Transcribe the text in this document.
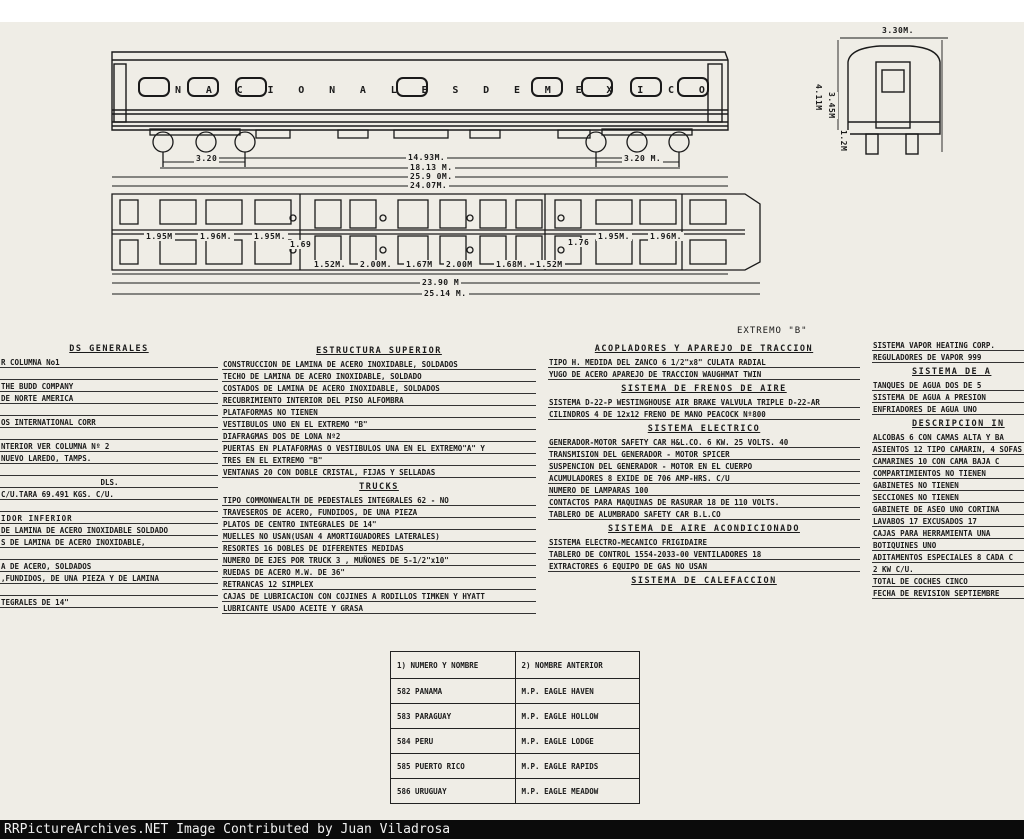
N A C I O N A L E S D E M E X I C O
3.20	3.20 M.
14.93M.
18.13 M.
25.9 0M.
24.07M.
1.95M	1.96M.	1.95M.
1.69
1.52M. 2.00M. 1.67M 2.00M	1.68M. 1.52M
1.76
1.95M.	1.96M.
23.90 M
25.14 M.
3.30M.
4.11M 3.45M
1.2M
EXTREMO "B"
DS GENERALES
R COLUMNA No1
THE BUDD COMPANY
DE NORTE AMERICA
OS INTERNATIONAL CORR
NTERIOR VER COLUMNA Nº 2
NUEVO LAREDO, TAMPS.
DLS.
C/U.TARA 69.491 KGS. C/U.
IDOR INFERIOR
DE LAMINA DE ACERO INOXIDABLE SOLDADO
S DE LAMINA DE ACERO INOXIDABLE,
A DE ACERO, SOLDADOS
,FUNDIDOS, DE UNA PIEZA Y DE LAMINA
TEGRALES DE 14"
ESTRUCTURA SUPERIOR
CONSTRUCCION DE LAMINA DE ACERO INOXIDABLE, SOLDADOS
TECHO DE LAMINA DE ACERO INOXIDABLE, SOLDADO
COSTADOS DE LAMINA DE ACERO INOXIDABLE, SOLDADOS
RECUBRIMIENTO INTERIOR DEL PISO ALFOMBRA
PLATAFORMAS NO TIENEN
VESTIBULOS UNO EN EL EXTREMO "B"
DIAFRAGMAS DOS DE LONA Nº2
PUERTAS EN PLATAFORMAS O VESTIBULOS UNA EN EL EXTREMO"A" Y
TRES EN EL EXTREMO "B"
VENTANAS 20 CON DOBLE CRISTAL, FIJAS Y SELLADAS
TRUCKS
TIPO COMMONWEALTH DE PEDESTALES INTEGRALES 62 - NO
TRAVESEROS DE ACERO, FUNDIDOS, DE UNA PIEZA
PLATOS DE CENTRO INTEGRALES DE 14"
MUELLES NO USAN(USAN 4 AMORTIGUADORES LATERALES)
RESORTES 16 DOBLES DE DIFERENTES MEDIDAS
NUMERO DE EJES POR TRUCK 3 , MUÑONES DE 5-1/2"x10"
RUEDAS DE ACERO M.W. DE 36"
RETRANCAS 12 SIMPLEX
CAJAS DE LUBRICACION CON COJINES A RODILLOS TIMKEN Y HYATT
LUBRICANTE USADO ACEITE Y GRASA
ACOPLADORES Y APAREJO DE TRACCION
TIPO H. MEDIDA DEL ZANCO 6 1/2"x8" CULATA RADIAL
YUGO DE ACERO APAREJO DE TRACCION WAUGHMAT TWIN
SISTEMA DE FRENOS DE AIRE
SISTEMA D-22-P WESTINGHOUSE AIR BRAKE VALVULA TRIPLE D-22-AR
CILINDROS 4 DE 12x12 FRENO DE MANO PEACOCK Nº800
SISTEMA ELECTRICO
GENERADOR-MOTOR SAFETY CAR H&L.CO. 6 KW. 25 VOLTS. 40
TRANSMISION DEL GENERADOR - MOTOR SPICER
SUSPENCION DEL GENERADOR - MOTOR EN EL CUERPO
ACUMULADORES 8 EXIDE DE 706 AMP-HRS. C/U
NUMERO DE LAMPARAS 100
CONTACTOS PARA MAQUINAS DE RASURAR 18 DE 110 VOLTS.
TABLERO DE ALUMBRADO SAFETY CAR B.L.CO
SISTEMA DE AIRE ACONDICIONADO
SISTEMA ELECTRO-MECANICO FRIGIDAIRE
TABLERO DE CONTROL 1554-2033-00 VENTILADORES 18
EXTRACTORES 6 EQUIPO DE GAS NO USAN
SISTEMA DE CALEFACCION
SISTEMA VAPOR HEATING CORP.
REGULADORES DE VAPOR 999
SISTEMA DE A
TANQUES DE AGUA DOS DE 5
SISTEMA DE AGUA A PRESION
ENFRIADORES DE AGUA UNO
DESCRIPCION IN
ALCOBAS 6 CON CAMAS ALTA Y BA
ASIENTOS 12 TIPO CAMARIN, 4 SOFAS
CAMARINES 10 CON CAMA BAJA C
COMPARTIMIENTOS NO TIENEN
GABINETES NO TIENEN
SECCIONES NO TIENEN
GABINETE DE ASEO UNO CORTINA
LAVABOS 17 EXCUSADOS 17
CAJAS PARA HERRAMIENTA UNA
BOTIQUINES UNO
ADITAMENTOS ESPECIALES 8 CADA C
2 KW C/U.
TOTAL DE COCHES CINCO
FECHA DE REVISION SEPTIEMBRE
1) NUMERO Y NOMBRE	2) NOMBRE ANTERIOR
582 PANAMA	M.P. EAGLE HAVEN
583 PARAGUAY	M.P. EAGLE HOLLOW
584 PERU	M.P. EAGLE LODGE
585 PUERTO RICO	M.P. EAGLE RAPIDS
586 URUGUAY	M.P. EAGLE MEADOW
RRPictureArchives.NET Image Contributed by Juan Viladrosa
